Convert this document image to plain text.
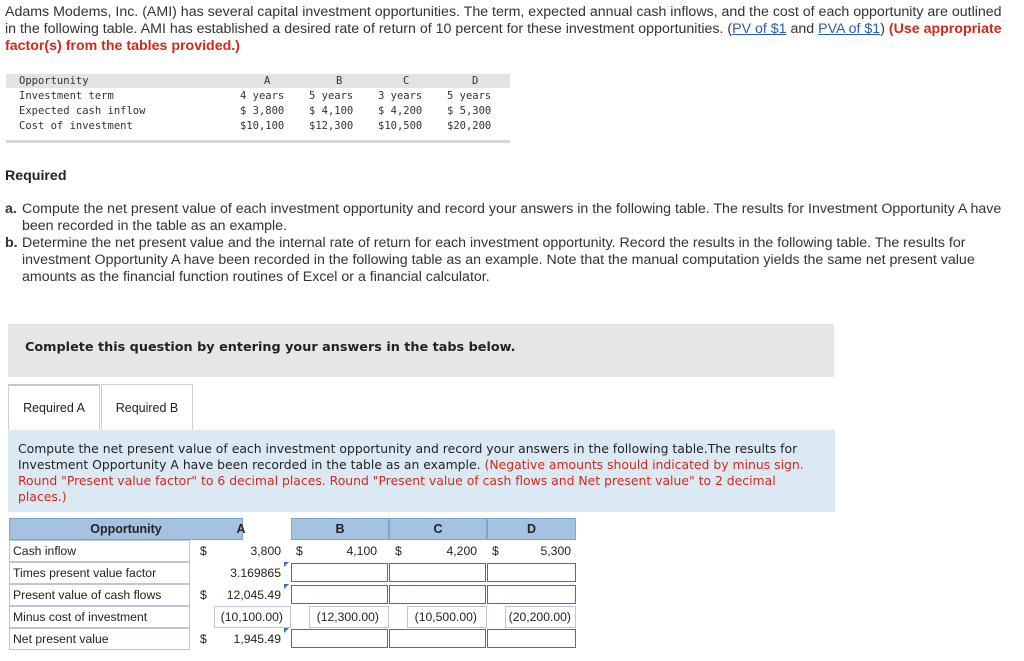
Adams Modems, Inc. (AMI) has several capital investment opportunities. The term, expected annual cash inflows, and the cost of each opportunity are outlined in the following table. AMI has established a desired rate of return of 10 percent for these investment opportunities. (PV of $1 and PVA of $1) (Use appropriate factor(s) from the tables provided.)
Opportunity	A	B	C	D
Investment term	4 years 5 years 3 years 5 years
Expected cash inflow	$ 3,800 $ 4,100 $ 4,200 $ 5,300
Cost of investment	$10,100 $12,300 $10,500 $20,200
Required
a. Compute the net present value of each investment opportunity and record your answers in the following table. The results for Investment Opportunity A have been recorded in the table as an example.
b. Determine the net present value and the internal rate of return for each investment opportunity. Record the results in the following table. The results for investment Opportunity A have been recorded in the following table as an example. Note that the manual computation yields the same net present value amounts as the financial function routines of Excel or a financial calculator.
Complete this question by entering your answers in the tabs below.
Required A	Required B
Compute the net present value of each investment opportunity and record your answers in the following table.The results for Investment Opportunity A have been recorded in the table as an example. (Negative amounts should indicated by minus sign. Round "Present value factor" to 6 decimal places. Round "Present value of cash flows and Net present value" to 2 decimal places.)
Opportunity	A	B	C	D
Cash inflow	$	3,800 $	4,100 $	4,200 $	5,300
Times present value factor	3.169865
Present value of cash flows	$	12,045.49
Minus cost of investment	(10,100.00)	(12,300.00)	(10,500.00)	(20,200.00)
Net present value	$	1,945.49
